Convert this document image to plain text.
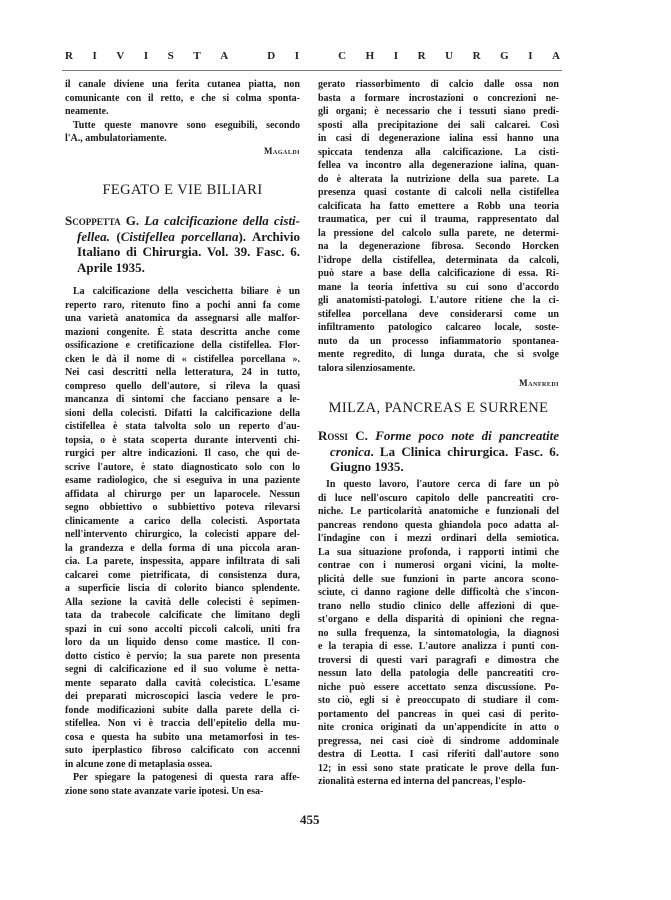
R I V I S T A	D I	C H I R U R G I A
il canale diviene una ferita cutanea piatta, non
comunicante con il retto, e che si colma sponta-
neamente.
Tutte queste manovre sono eseguibili, secondo
l'A., ambulatoriamente.
Magaldi
FEGATO E VIE BILIARI
Scoppetta G. La calcificazione della cisti-
fellea. (Cistifellea porcellana). Archivio
Italiano di Chirurgia. Vol. 39. Fasc. 6.
Aprile 1935.
La calcificazione della vescichetta biliare è un
reperto raro, ritenuto fino a pochi anni fa come
una varietà anatomica da assegnarsi alle malfor-
mazioni congenite. È stata descritta anche come
ossificazione e cretificazione della cistifellea. Flor-
cken le dà il nome di « cistifellea porcellana ».
Nei casi descritti nella letteratura, 24 in tutto,
compreso quello dell'autore, si rileva la quasi
mancanza di sintomi che facciano pensare a le-
sioni della colecisti. Difatti la calcificazione della
cistifellea è stata talvolta solo un reperto d'au-
topsia, o è stata scoperta durante interventi chi-
rurgici per altre indicazioni. Il caso, che qui de-
scrive l'autore, è stato diagnosticato solo con lo
esame radiologico, che si eseguiva in una paziente
affidata al chirurgo per un laparocele. Nessun
segno obbiettivo o subbiettivo poteva rilevarsi
clinicamente a carico della colecisti. Asportata
nell'intervento chirurgico, la colecisti appare del-
la grandezza e della forma di una piccola aran-
cia. La parete, inspessita, appare infiltrata di sali
calcarei come pietrificata, di consistenza dura,
a superficie liscia di colorito bianco splendente.
Alla sezione la cavità delle colecisti è sepimen-
tata da trabecole calcificate che limitano degli
spazi in cui sono accolti piccoli calcoli, uniti fra
loro da un liquido denso come mastice. Il con-
dotto cistico è pervio; la sua parete non presenta
segni di calcificazione ed il suo volume è netta-
mente separato dalla cavità colecistica. L'esame
dei preparati microscopici lascia vedere le pro-
fonde modificazioni subite dalla parete della ci-
stifellea. Non vi è traccia dell'epitelio della mu-
cosa e questa ha subito una metamorfosi in tes-
suto iperplastico fibroso calcificato con accenni
in alcune zone di metaplasia ossea.
Per spiegare la patogenesi di questa rara affe-
zione sono state avanzate varie ipotesi. Un esa-
gerato riassorbimento di calcio dalle ossa non
basta a formare incrostazioni o concrezioni ne-
gli organi; è necessario che i tessuti siano predi-
sposti alla precipitazione dei sali calcarei. Così
in casi di degenerazione ialina essi hanno una
spiccata tendenza alla calcificazione. La cisti-
fellea va incontro alla degenerazione ialina, quan-
do è alterata la nutrizione della sua parete. La
presenza quasi costante di calcoli nella cistifellea
calcificata ha fatto emettere a Robb una teoria
traumatica, per cui il trauma, rappresentato dal
la pressione del calcolo sulla parete, ne determi-
na la degenerazione fibrosa. Secondo Horcken
l'idrope della cistifellea, determinata da calcoli,
può stare a base della calcificazione di essa. Ri-
mane la teoria infettiva su cui sono d'accordo
gli anatomisti-patologi. L'autore ritiene che la ci-
stifellea porcellana deve considerarsi come un
infiltramento patologico calcareo locale, soste-
nuto da un processo infiammatorio spontanea-
mente regredito, di lunga durata, che si svolge
talora silenziosamente.
Manfredi
MILZA, PANCREAS E SURRENE
Rossi C. Forme poco note di pancreatite
cronica. La Clinica chirurgica. Fasc. 6.
Giugno 1935.
In questo lavoro, l'autore cerca di fare un pò
di luce nell'oscuro capitolo delle pancreatiti cro-
niche. Le particolarità anatomiche e funzionali del
pancreas rendono questa ghiandola poco adatta al-
l'indagine con i mezzi ordinari della semiotica.
La sua situazione profonda, i rapporti intimi che
contrae con i numerosi organi vicini, la molte-
plicità delle sue funzioni in parte ancora scono-
sciute, ci danno ragione delle difficoltà che s'incon-
trano nello studio clinico delle affezioni di que-
st'organo e della disparità di opinioni che regna-
no sulla frequenza, la sintomatologia, la diagnosi
e la terapia di esse. L'autore analizza i punti con-
troversi di questi vari paragrafi e dimostra che
nessun lato della patologia delle pancreatiti cro-
niche può essere accettato senza discussione. Po-
sto ciò, egli si è preoccupato di studiare il com-
portamento del pancreas in quei casi di perito-
nite cronica originati da un'appendicite in atto o
pregressa, nei casi cioè di sindrome addominale
destra di Leotta. I casi riferiti dall'autore sono
12; in essi sono state praticate le prove della fun-
zionalità esterna ed interna del pancreas, l'esplo-
455
